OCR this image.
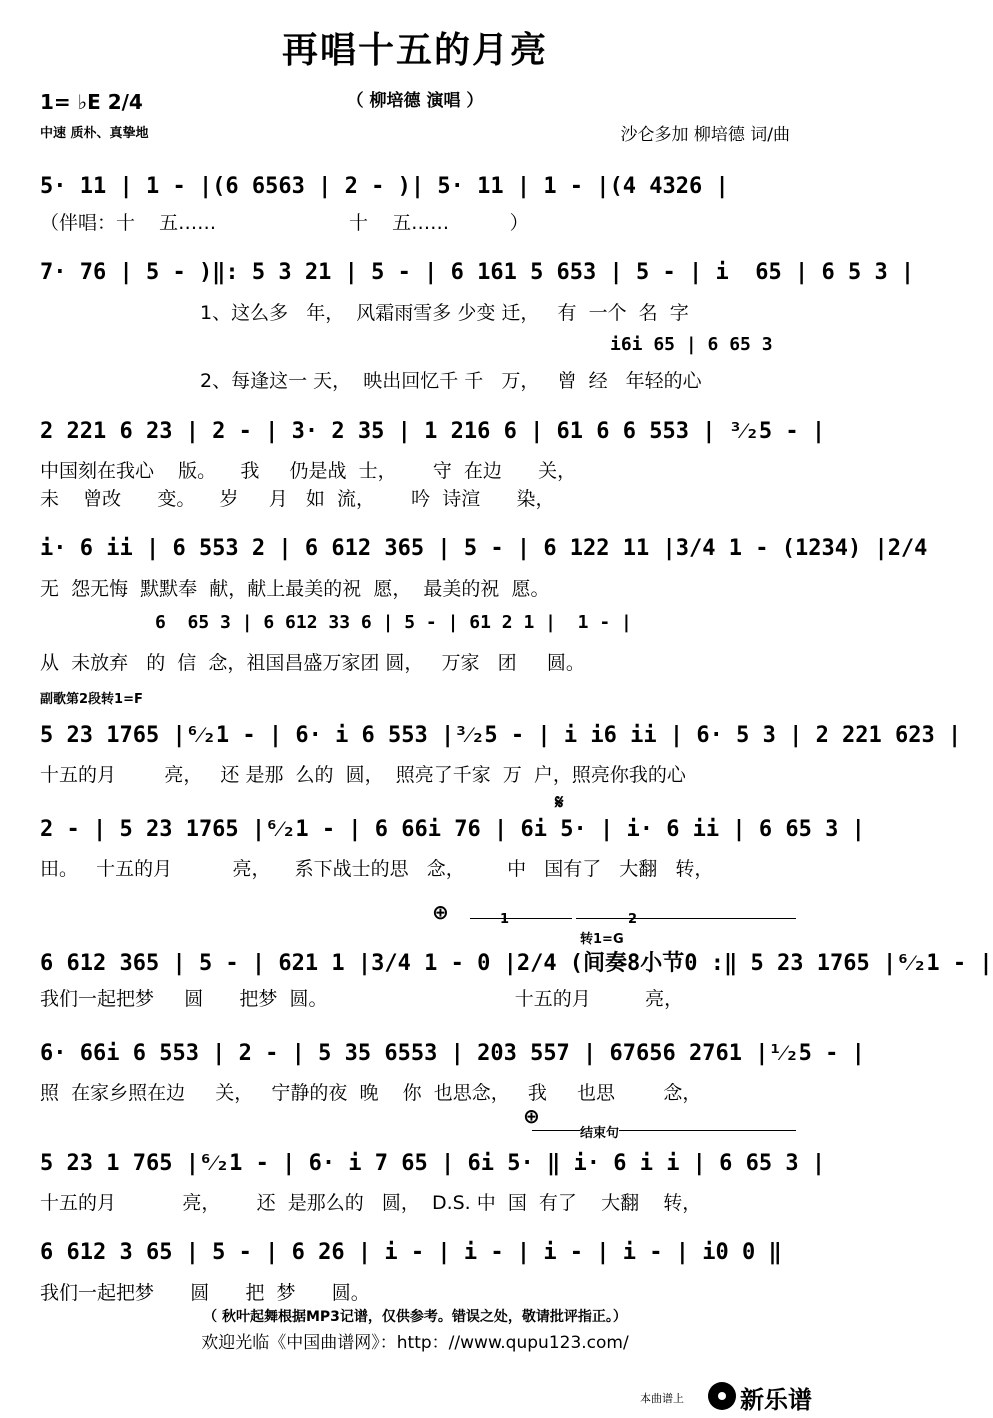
再唱十五的月亮
（ 柳培德 演唱 ）
1= ♭E 2/4
中速 质朴、真挚地	沙仑多加 柳培德 词/曲
5· 11 | 1 - |(6 6563 | 2 - )| 5· 11 | 1 - |(4 4326 |
（伴唱：十    五……                      十    五……          ）
7· 76 | 5 - )‖: 5 3 21 | 5 - | 6 161 5 653 | 5 - | i  65 | 6 5 3 |
1、这么多   年，  风霜雨雪多 少变 迁，   有  一个  名  字
i6i 65 | 6 65 3
2、每逢这一 天，  映出回忆千 千   万，   曾  经   年轻的心
2 221 6 23 | 2 - | 3· 2 35 | 1 216 6 | 61 6 6 553 | ³⁄₂5 - |
中国刻在我心    版。    我     仍是战  士，      守  在边      关，
未    曾改      变。    岁     月   如  流，      吟  诗渲      染，
i· 6 ii | 6 553 2 | 6 612 365 | 5 - | 6 122 11 |3/4 1 - (1234) |2/4
无  怨无悔  默默奉  献，献上最美的祝  愿，  最美的祝  愿。
6  65 3 | 6 612 33 6 | 5 - | 61 2 1 |  1 - |
从  未放弃   的  信  念，祖国昌盛万家团 圆，   万家   团     圆。
副歌第2段转1=F
5 23 1765 |⁶⁄₂1 - | 6· i 6 553 |³⁄₂5 - | i i6 ii | 6· 5 3 | 2 221 623 |
十五的月        亮，   还 是那  么的  圆，  照亮了千家  万  户，照亮你我的心
𝄋
2 - | 5 23 1765 |⁶⁄₂1 - | 6 66i 76 | 6i 5· | i· 6 ii | 6 65 3 |
田。   十五的月          亮，    系下战士的思   念，       中   国有了   大翻   转，
⊕	1	2
转1=G
6 612 365 | 5 - | 621 1 |3/4 1 - 0 |2/4 (间奏8小节0 :‖ 5 23 1765 |⁶⁄₂1 - |
我们一起把梦     圆      把梦  圆。                               十五的月         亮，
6· 66i 6 553 | 2 - | 5 35 6553 | 203 557 | 67656 2761 |¹⁄₂5 - |
照  在家乡照在边     关，   宁静的夜  晚    你  也思念，   我     也思        念，
⊕
结束句
5 23 1 765 |⁶⁄₂1 - | 6· i 7 65 | 6i 5· ‖ i· 6 i i | 6 65 3 |
十五的月           亮，      还  是那么的   圆，  D.S. 中  国  有了    大翻    转，
6 612 3 65 | 5 - | 6 26 | i - | i - | i - | i - | i0 0 ‖
我们一起把梦      圆      把  梦      圆。
（ 秋叶起舞根据MP3记谱，仅供参考。错误之处，敬请批评指正。）
欢迎光临《中国曲谱网》：http：//www.qupu123.com/
本曲谱上 新乐谱
